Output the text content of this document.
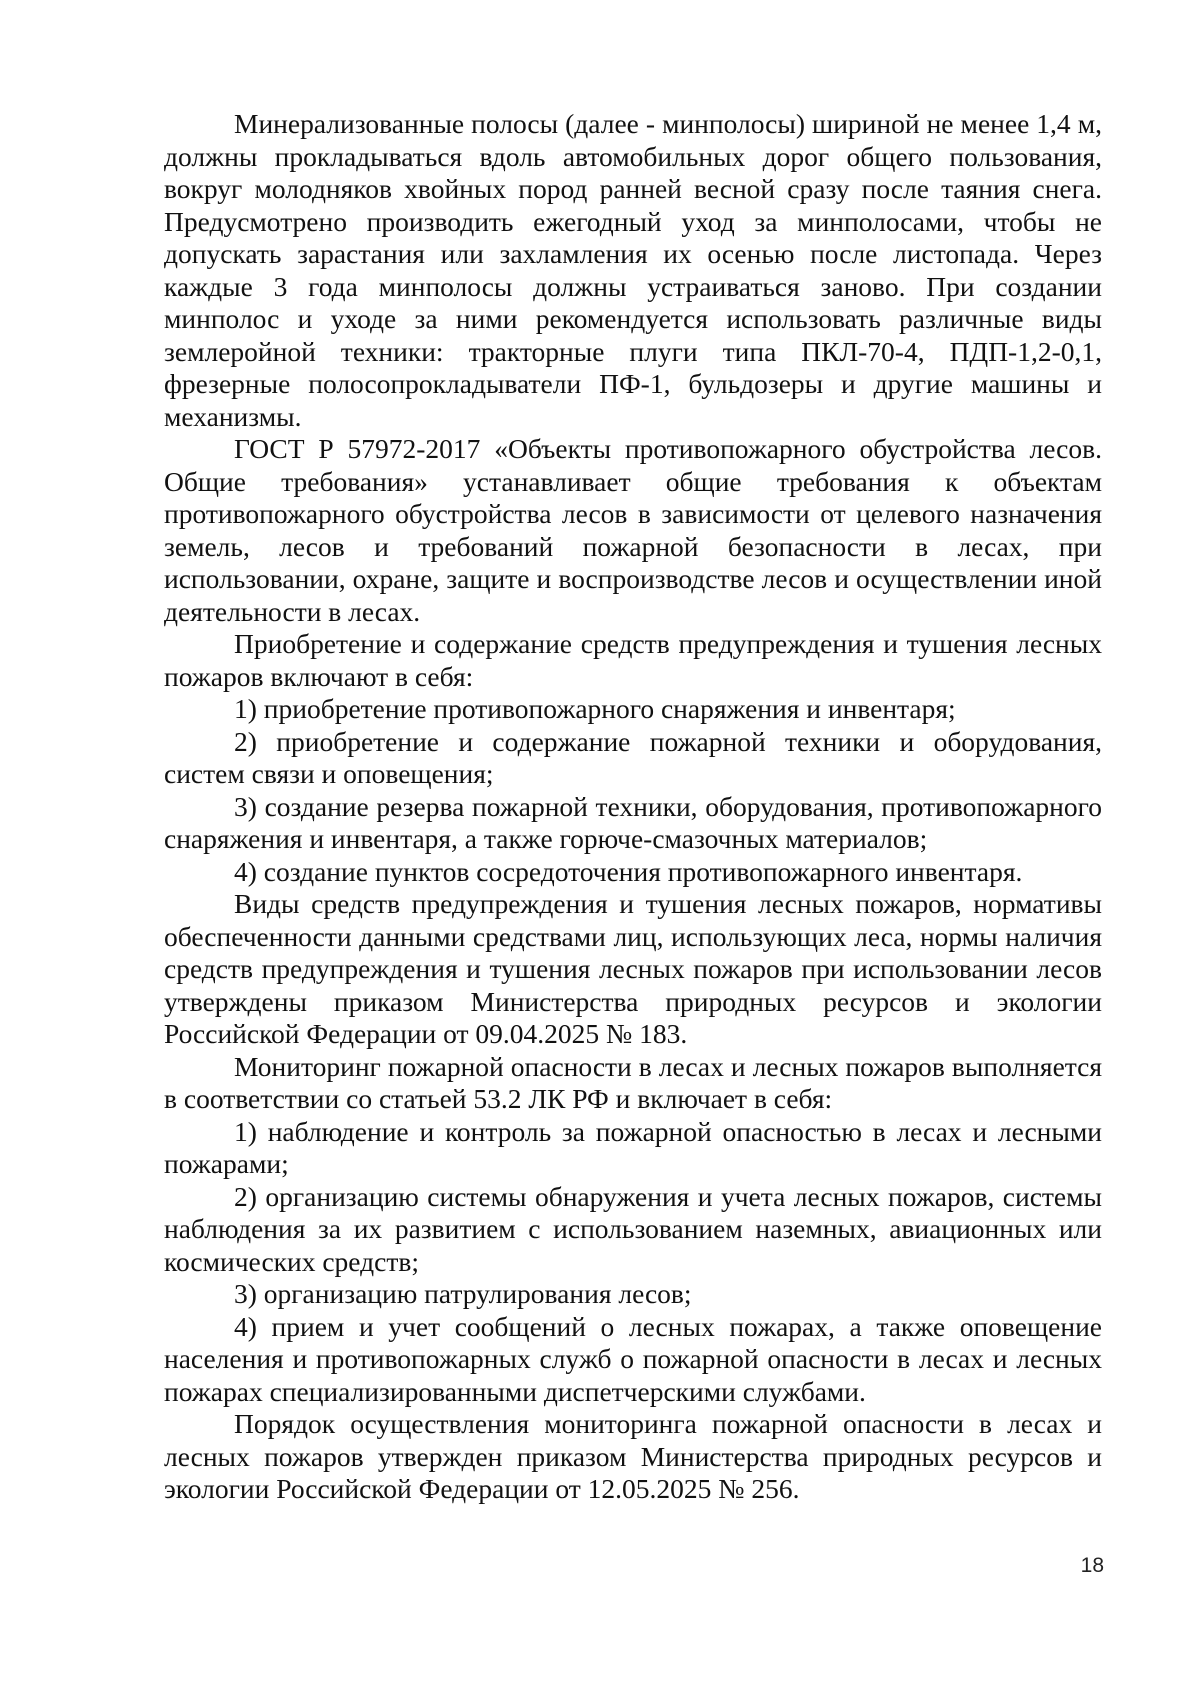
Минерализованные полосы (далее - минполосы) шириной не менее 1,4 м, должны прокладываться вдоль автомобильных дорог общего пользования, вокруг молодняков хвойных пород ранней весной сразу после таяния снега. Предусмотрено производить ежегодный уход за минполосами, чтобы не допускать зарастания или захламления их осенью после листопада. Через каждые 3 года минполосы должны устраиваться заново. При создании минполос и уходе за ними рекомендуется использовать различные виды землеройной техники: тракторные плуги типа ПКЛ-70-4, ПДП-1,2-0,1, фрезерные полосопрокладыватели ПФ-1, бульдозеры и другие машины и механизмы.

ГОСТ Р 57972-2017 «Объекты противопожарного обустройства лесов. Общие требования» устанавливает общие требования к объектам противопожарного обустройства лесов в зависимости от целевого назначения земель, лесов и требований пожарной безопасности в лесах, при использовании, охране, защите и воспроизводстве лесов и осуществлении иной деятельности в лесах.

Приобретение и содержание средств предупреждения и тушения лесных пожаров включают в себя:

1) приобретение противопожарного снаряжения и инвентаря;

2) приобретение и содержание пожарной техники и оборудования, систем связи и оповещения;

3) создание резерва пожарной техники, оборудования, противопожарного снаряжения и инвентаря, а также горюче-смазочных материалов;

4) создание пунктов сосредоточения противопожарного инвентаря.

Виды средств предупреждения и тушения лесных пожаров, нормативы обеспеченности данными средствами лиц, использующих леса, нормы наличия средств предупреждения и тушения лесных пожаров при использовании лесов утверждены приказом Министерства природных ресурсов и экологии Российской Федерации от 09.04.2025 № 183.

Мониторинг пожарной опасности в лесах и лесных пожаров выполняется в соответствии со статьей 53.2 ЛК РФ и включает в себя:

1) наблюдение и контроль за пожарной опасностью в лесах и лесными пожарами;

2) организацию системы обнаружения и учета лесных пожаров, системы наблюдения за их развитием с использованием наземных, авиационных или космических средств;

3) организацию патрулирования лесов;

4) прием и учет сообщений о лесных пожарах, а также оповещение населения и противопожарных служб о пожарной опасности в лесах и лесных пожарах специализированными диспетчерскими службами.

Порядок осуществления мониторинга пожарной опасности в лесах и лесных пожаров утвержден приказом Министерства природных ресурсов и экологии Российской Федерации от 12.05.2025 № 256.

18
